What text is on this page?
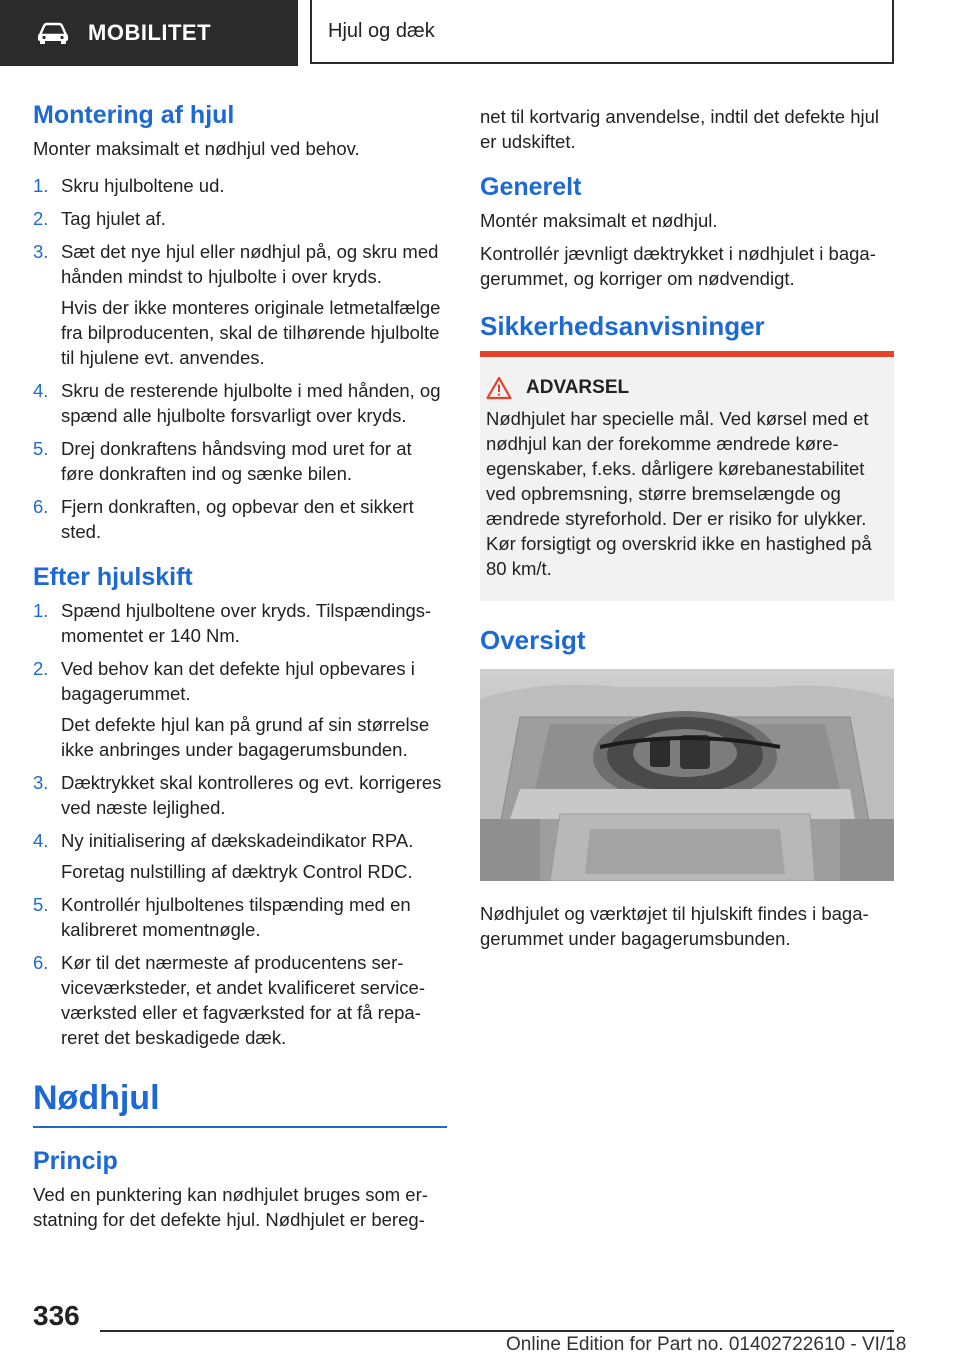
MOBILITET	Hjul og dæk
Montering af hjul

Monter maksimalt et nødhjul ved behov.

1. Skru hjulboltene ud.
2. Tag hjulet af.
3. Sæt det nye hjul eller nødhjul på, og skru med hånden mindst to hjulbolte i over kryds.
Hvis der ikke monteres originale letmetalfælge fra bilproducenten, skal de tilhørende hjulbolte til hjulene evt. anvendes.
4. Skru de resterende hjulbolte i med hånden, og spænd alle hjulbolte forsvarligt over kryds.
5. Drej donkraftens håndsving mod uret for at føre donkraften ind og sænke bilen.
6. Fjern donkraften, og opbevar den et sikkert sted.
Efter hjulskift
1. Spænd hjulboltene over kryds. Tilspændingsmomentet er 140 Nm.
2. Ved behov kan det defekte hjul opbevares i bagagerummet.
Det defekte hjul kan på grund af sin størrelse ikke anbringes under bagagerumsbunden.
3. Dæktrykket skal kontrolleres og evt. korrigeres ved næste lejlighed.
4. Ny initialisering af dækskadeindikator RPA.
Foretag nulstilling af dæktryk Control RDC.
5. Kontrollér hjulboltenes tilspænding med en kalibreret momentnøgle.
6. Kør til det nærmeste af producentens serviceværksteder, et andet kvalificeret serviceværksted eller et fagværksted for at få repareret det beskadigede dæk.
Nødhjul
Princip

Ved en punktering kan nødhjulet bruges som erstatning for det defekte hjul. Nødhjulet er bereg-

net til kortvarig anvendelse, indtil det defekte hjul er udskiftet.

Generelt

Montér maksimalt et nødhjul.

Kontrollér jævnligt dæktrykket i nødhjulet i bagagerummet, og korriger om nødvendigt.

Sikkerhedsanvisninger
ADVARSEL

Nødhjulet har specielle mål. Ved kørsel med et nødhjul kan der forekomme ændrede køreegenskaber, f.eks. dårligere kørebanestabilitet ved opbremsning, større bremselængde og ændrede styreforhold. Der er risiko for ulykker. Kør forsigtigt og overskrid ikke en hastighed på 80 km/t.

Oversigt

Nødhjulet og værktøjet til hjulskift findes i bagagerummet under bagagerumsbunden.

336
Online Edition for Part no. 01402722610 - VI/18
